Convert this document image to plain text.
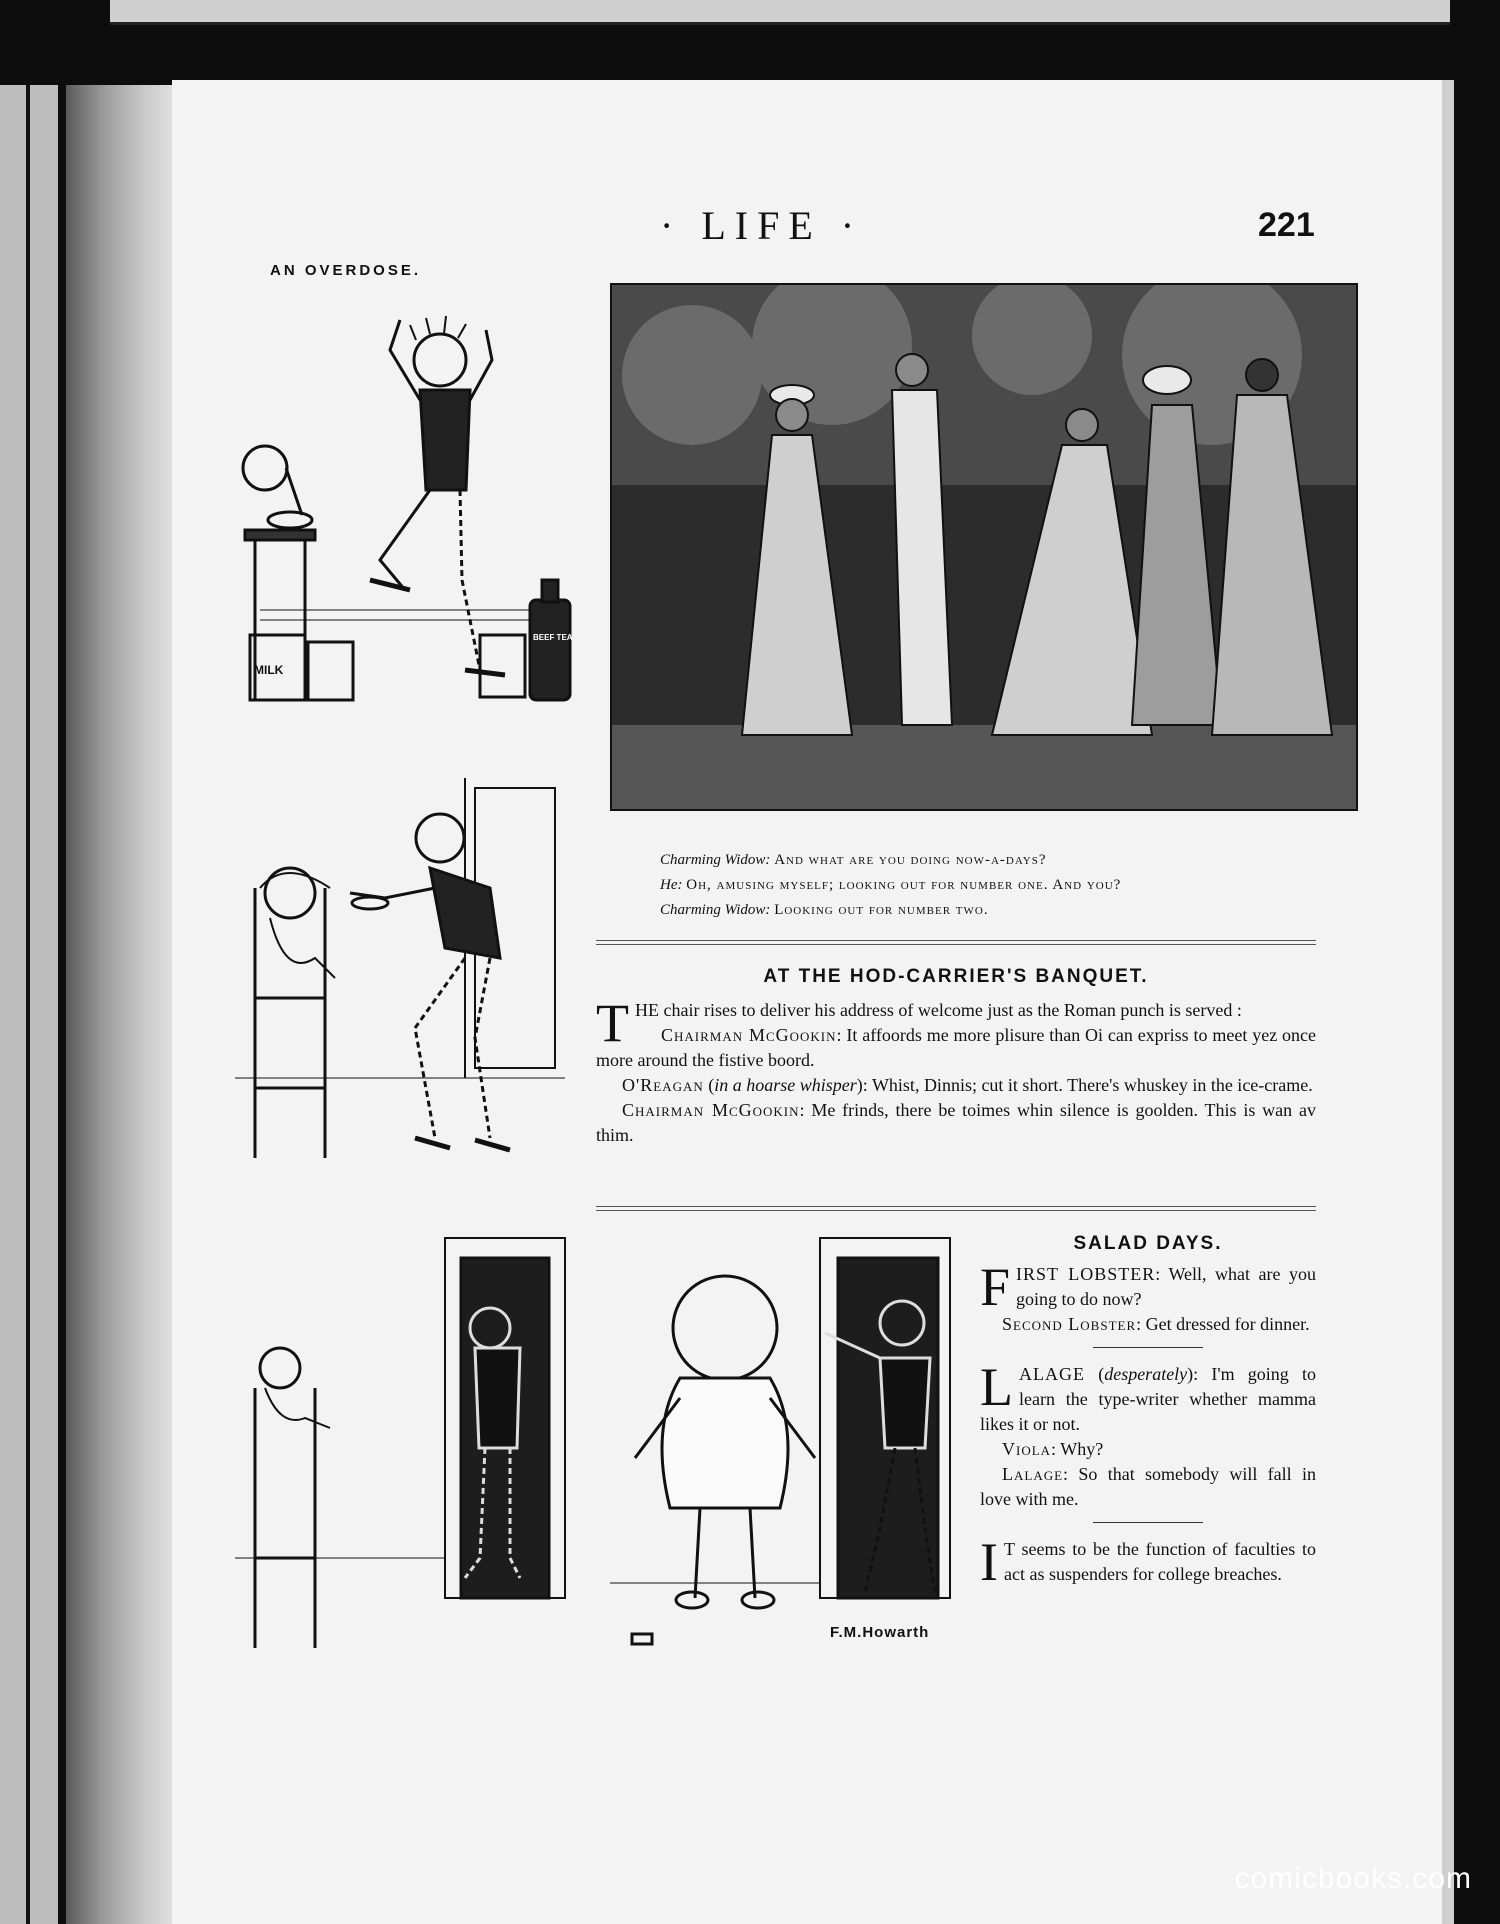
· LIFE ·	221
AN OVERDOSE.
MILK
BEEF TEA
F.M.Howarth
Charming Widow: And what are you doing now-a-days?
He: Oh, amusing myself; looking out for number one. And you?
Charming Widow: Looking out for number two.
AT THE HOD-CARRIER'S BANQUET.
THE chair rises to deliver his address of welcome just as the Roman punch is served :

Chairman McGookin: It affoords me more plisure than Oi can expriss to meet yez once more around the fistive boord.

O'Reagan (in a hoarse whisper): Whist, Dinnis; cut it short. There's whuskey in the ice-crame.

Chairman McGookin: Me frinds, there be toimes whin silence is goolden. This is wan av thim.

SALAD DAYS.
FIRST LOBSTER: Well, what are you going to do now?

Second Lobster: Get dressed for dinner.

LALAGE (desperately): I'm going to learn the type-writer whether mamma likes it or not.

Viola: Why?

Lalage: So that somebody will fall in love with me.

I T seems to be the function of faculties to act as suspenders for college breaches.
comicbooks.com
